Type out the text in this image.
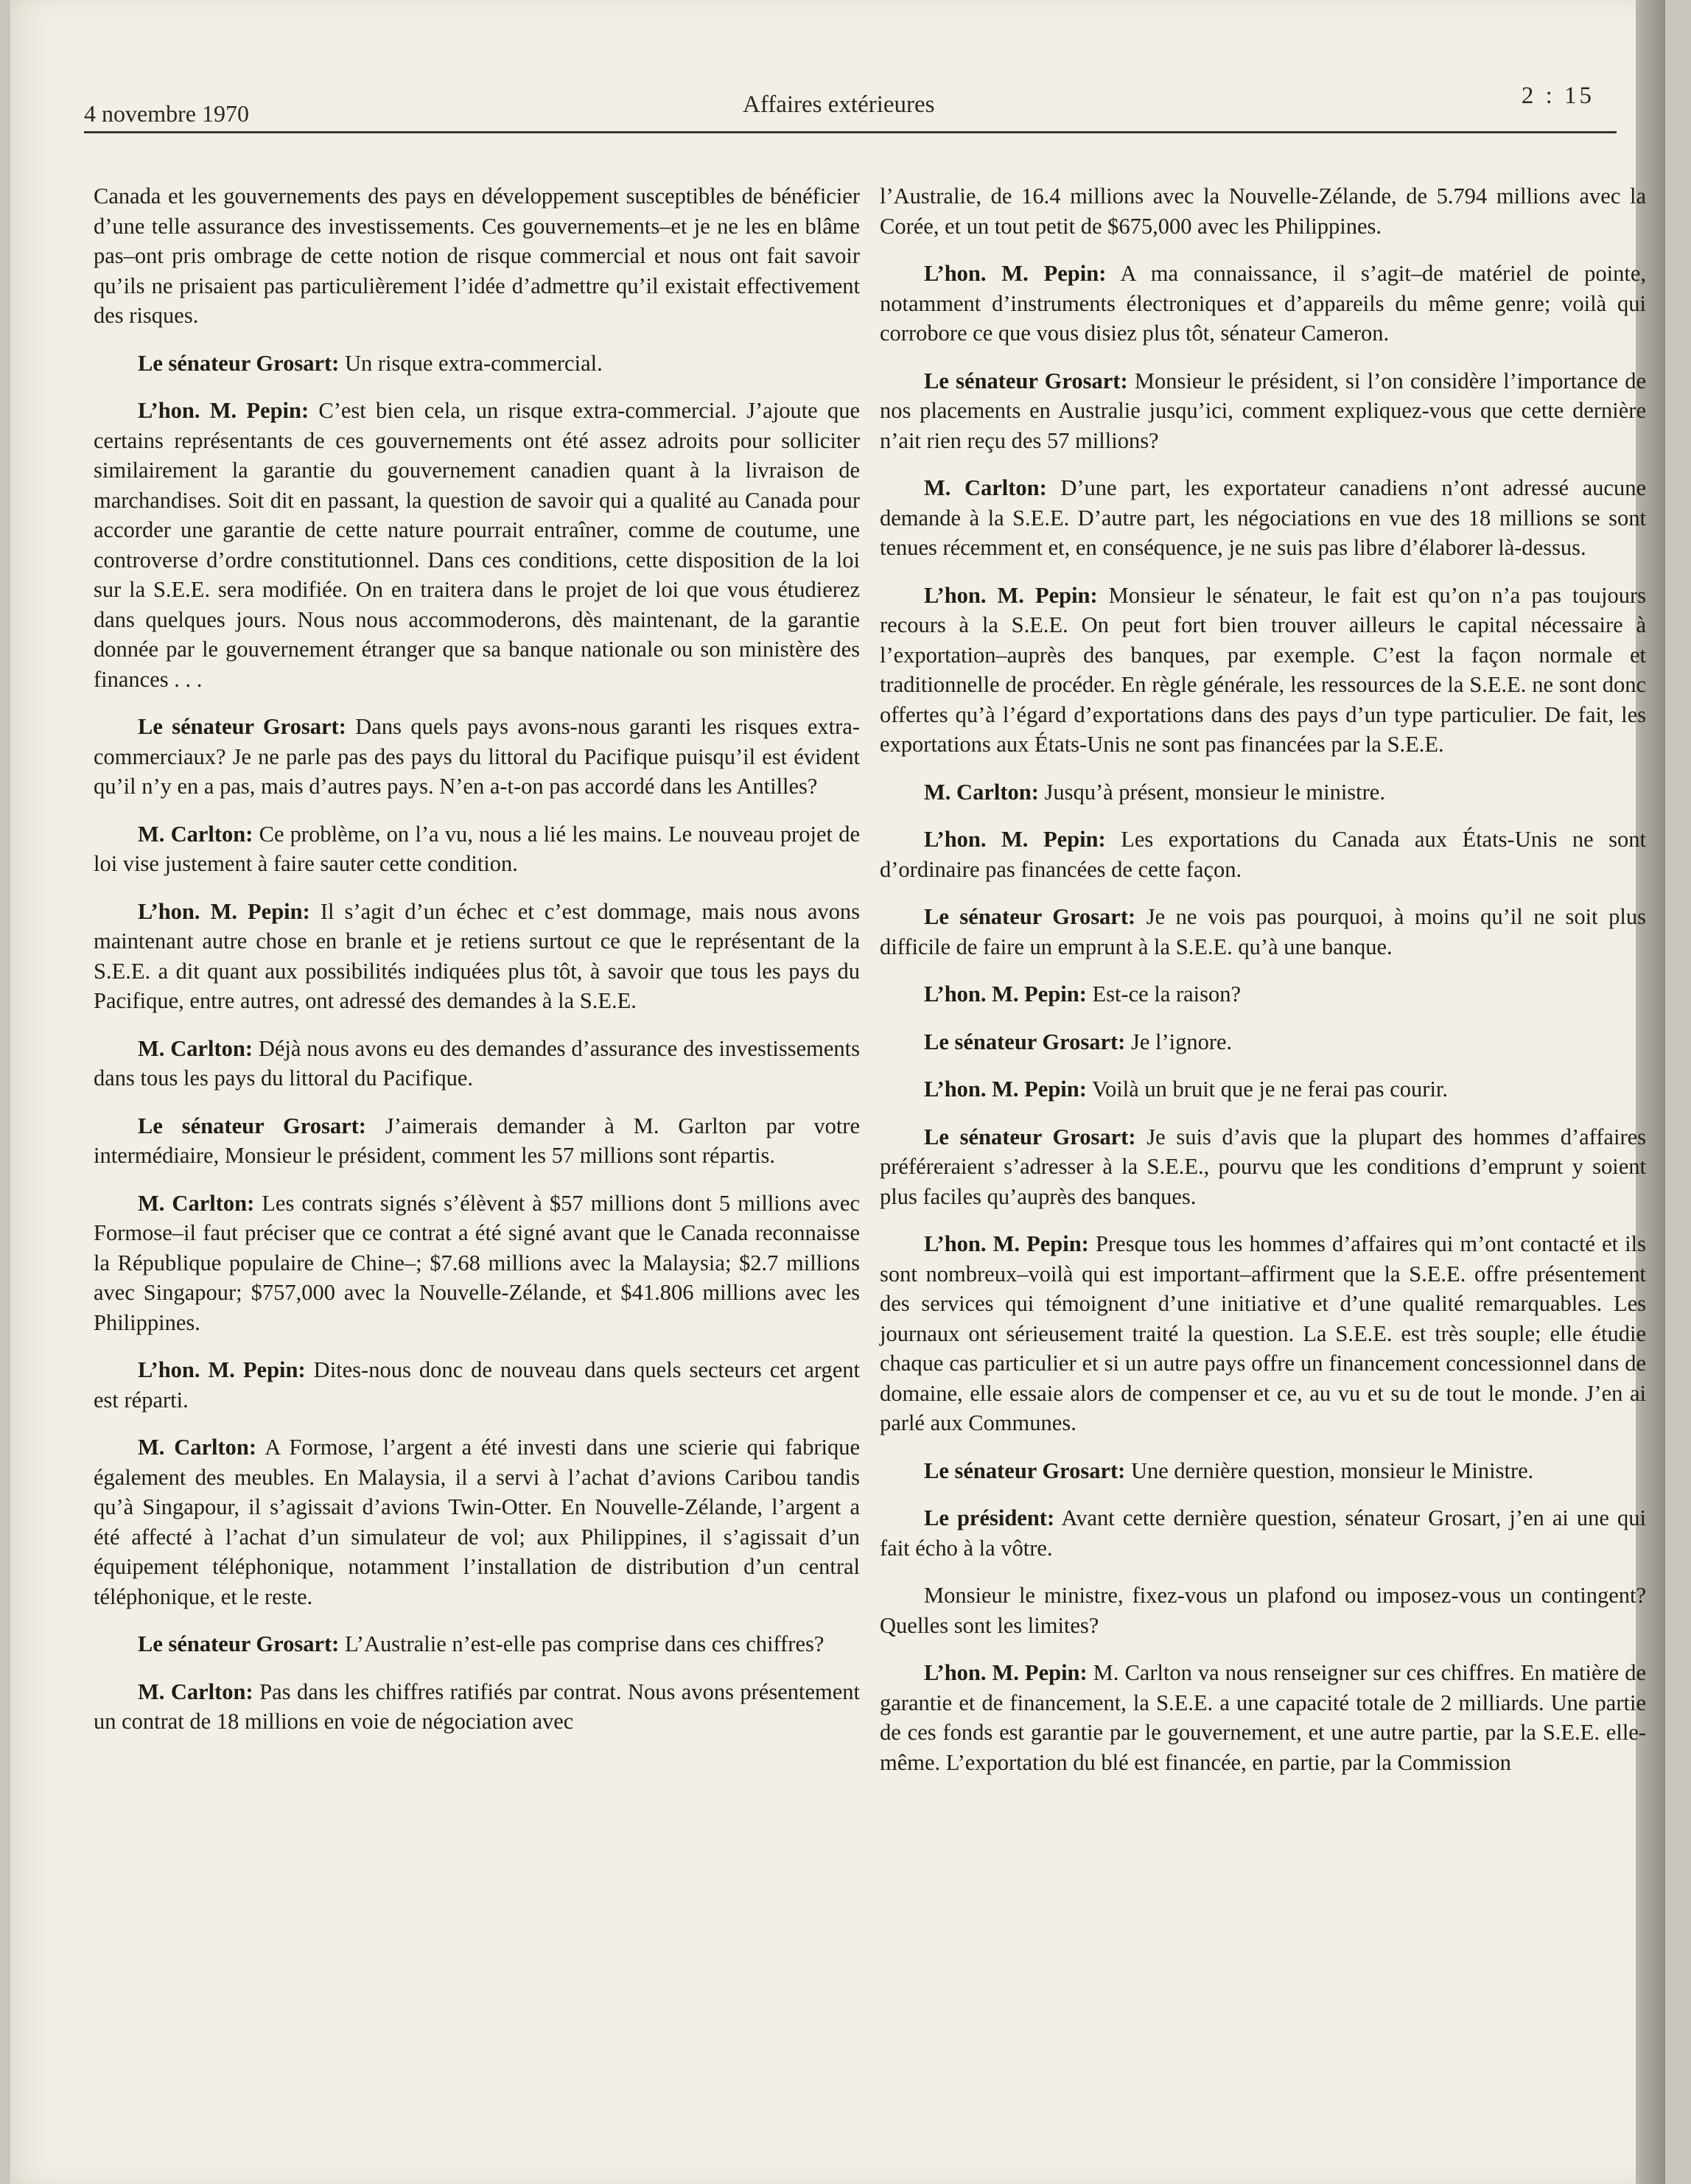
4 novembre 1970	Affaires extérieures	2 : 15

Canada et les gouvernements des pays en développement susceptibles de bénéficier d’une telle assurance des investissements. Ces gouvernements–et je ne les en blâme pas–ont pris ombrage de cette notion de risque commercial et nous ont fait savoir qu’ils ne prisaient pas particulièrement l’idée d’admettre qu’il existait effectivement des risques.

Le sénateur Grosart: Un risque extra-commercial.

L’hon. M. Pepin: C’est bien cela, un risque extra-commercial. J’ajoute que certains représentants de ces gouvernements ont été assez adroits pour solliciter similairement la garantie du gouvernement canadien quant à la livraison de marchandises. Soit dit en passant, la question de savoir qui a qualité au Canada pour accorder une garantie de cette nature pourrait entraîner, comme de coutume, une controverse d’ordre constitutionnel. Dans ces conditions, cette disposition de la loi sur la S.E.E. sera modifiée. On en traitera dans le projet de loi que vous étudierez dans quelques jours. Nous nous accommoderons, dès maintenant, de la garantie donnée par le gouvernement étranger que sa banque nationale ou son ministère des finances . . .

Le sénateur Grosart: Dans quels pays avons-nous garanti les risques extra-commerciaux? Je ne parle pas des pays du littoral du Pacifique puisqu’il est évident qu’il n’y en a pas, mais d’autres pays. N’en a-t-on pas accordé dans les Antilles?

M. Carlton: Ce problème, on l’a vu, nous a lié les mains. Le nouveau projet de loi vise justement à faire sauter cette condition.

L’hon. M. Pepin: Il s’agit d’un échec et c’est dommage, mais nous avons maintenant autre chose en branle et je retiens surtout ce que le représentant de la S.E.E. a dit quant aux possibilités indiquées plus tôt, à savoir que tous les pays du Pacifique, entre autres, ont adressé des demandes à la S.E.E.

M. Carlton: Déjà nous avons eu des demandes d’assurance des investissements dans tous les pays du littoral du Pacifique.

Le sénateur Grosart: J’aimerais demander à M. Garlton par votre intermédiaire, Monsieur le président, comment les 57 millions sont répartis.

M. Carlton: Les contrats signés s’élèvent à $57 millions dont 5 millions avec Formose–il faut préciser que ce contrat a été signé avant que le Canada reconnaisse la République populaire de Chine–; $7.68 millions avec la Malaysia; $2.7 millions avec Singapour; $757,000 avec la Nouvelle-Zélande, et $41.806 millions avec les Philippines.

L’hon. M. Pepin: Dites-nous donc de nouveau dans quels secteurs cet argent est réparti.

M. Carlton: A Formose, l’argent a été investi dans une scierie qui fabrique également des meubles. En Malaysia, il a servi à l’achat d’avions Caribou tandis qu’à Singapour, il s’agissait d’avions Twin-Otter. En Nouvelle-Zélande, l’argent a été affecté à l’achat d’un simulateur de vol; aux Philippines, il s’agissait d’un équipement téléphonique, notamment l’installation de distribution d’un central téléphonique, et le reste.

Le sénateur Grosart: L’Australie n’est-elle pas comprise dans ces chiffres?

M. Carlton: Pas dans les chiffres ratifiés par contrat. Nous avons présentement un contrat de 18 millions en voie de négociation avec

l’Australie, de 16.4 millions avec la Nouvelle-Zélande, de 5.794 millions avec la Corée, et un tout petit de $675,000 avec les Philippines.

L’hon. M. Pepin: A ma connaissance, il s’agit–de matériel de pointe, notamment d’instruments électroniques et d’appareils du même genre; voilà qui corrobore ce que vous disiez plus tôt, sénateur Cameron.

Le sénateur Grosart: Monsieur le président, si l’on considère l’importance de nos placements en Australie jusqu’ici, comment expliquez-vous que cette dernière n’ait rien reçu des 57 millions?

M. Carlton: D’une part, les exportateur canadiens n’ont adressé aucune demande à la S.E.E. D’autre part, les négociations en vue des 18 millions se sont tenues récemment et, en conséquence, je ne suis pas libre d’élaborer là-dessus.

L’hon. M. Pepin: Monsieur le sénateur, le fait est qu’on n’a pas toujours recours à la S.E.E. On peut fort bien trouver ailleurs le capital nécessaire à l’exportation–auprès des banques, par exemple. C’est la façon normale et traditionnelle de procéder. En règle générale, les ressources de la S.E.E. ne sont donc offertes qu’à l’égard d’exportations dans des pays d’un type particulier. De fait, les exportations aux États-Unis ne sont pas financées par la S.E.E.

M. Carlton: Jusqu’à présent, monsieur le ministre.

L’hon. M. Pepin: Les exportations du Canada aux États-Unis ne sont d’ordinaire pas financées de cette façon.

Le sénateur Grosart: Je ne vois pas pourquoi, à moins qu’il ne soit plus difficile de faire un emprunt à la S.E.E. qu’à une banque.

L’hon. M. Pepin: Est-ce la raison?

Le sénateur Grosart: Je l’ignore.

L’hon. M. Pepin: Voilà un bruit que je ne ferai pas courir.

Le sénateur Grosart: Je suis d’avis que la plupart des hommes d’affaires préféreraient s’adresser à la S.E.E., pourvu que les conditions d’emprunt y soient plus faciles qu’auprès des banques.

L’hon. M. Pepin: Presque tous les hommes d’affaires qui m’ont contacté et ils sont nombreux–voilà qui est important–affirment que la S.E.E. offre présentement des services qui témoignent d’une initiative et d’une qualité remarquables. Les journaux ont sérieusement traité la question. La S.E.E. est très souple; elle étudie chaque cas particulier et si un autre pays offre un financement concessionnel dans de domaine, elle essaie alors de compenser et ce, au vu et su de tout le monde. J’en ai parlé aux Communes.

Le sénateur Grosart: Une dernière question, monsieur le Ministre.

Le président: Avant cette dernière question, sénateur Grosart, j’en ai une qui fait écho à la vôtre.

Monsieur le ministre, fixez-vous un plafond ou imposez-vous un contingent? Quelles sont les limites?

L’hon. M. Pepin: M. Carlton va nous renseigner sur ces chiffres. En matière de garantie et de financement, la S.E.E. a une capacité totale de 2 milliards. Une partie de ces fonds est garantie par le gouvernement, et une autre partie, par la S.E.E. elle-même. L’exportation du blé est financée, en partie, par la Commission
